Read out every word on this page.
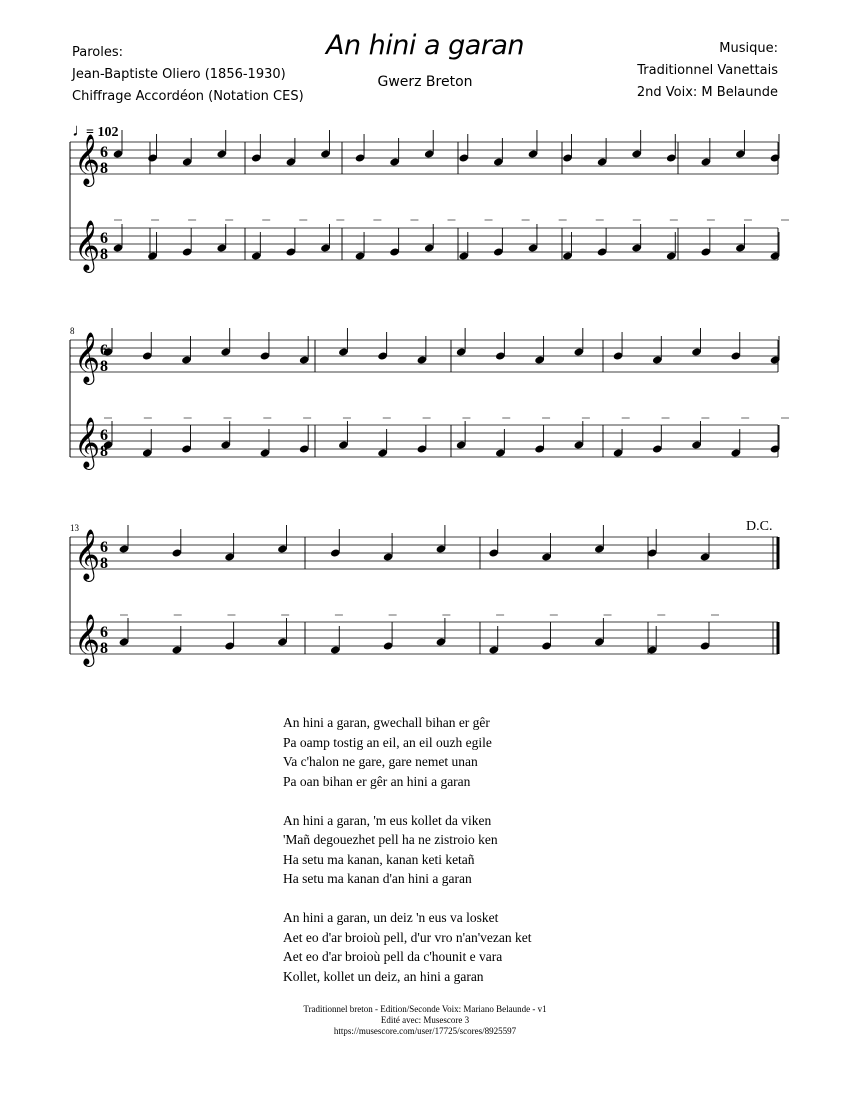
An hini a garan
Gwerz Breton
Paroles:
Jean-Baptiste Oliero (1856-1930)
Chiffrage Accordéon (Notation CES)
Musique:
Traditionnel Vanettais
2nd Voix: M Belaunde
𝄞 6
8
𝄞 6
8
𝄞 6
8
𝄞 6
8
𝄞 6
8
𝄞 6
8
♩
= 102
8
13	D.C.
An hini a garan, gwechall bihan er gêr
Pa oamp tostig an eil, an eil ouzh egile
Va c'halon ne gare, gare nemet unan
Pa oan bihan er gêr an hini a garan
An hini a garan, 'm eus kollet da viken
'Mañ degouezhet pell ha ne zistroio ken
Ha setu ma kanan, kanan keti ketañ
Ha setu ma kanan d'an hini a garan
An hini a garan, un deiz 'n eus va losket
Aet eo d'ar broioù pell, d'ur vro n'an'vezan ket
Aet eo d'ar broioù pell da c'hounit e vara
Kollet, kollet un deiz, an hini a garan
Traditionnel breton - Edition/Seconde Voix: Mariano Belaunde - v1
Edité avec: Musescore 3
https://musescore.com/user/17725/scores/8925597
